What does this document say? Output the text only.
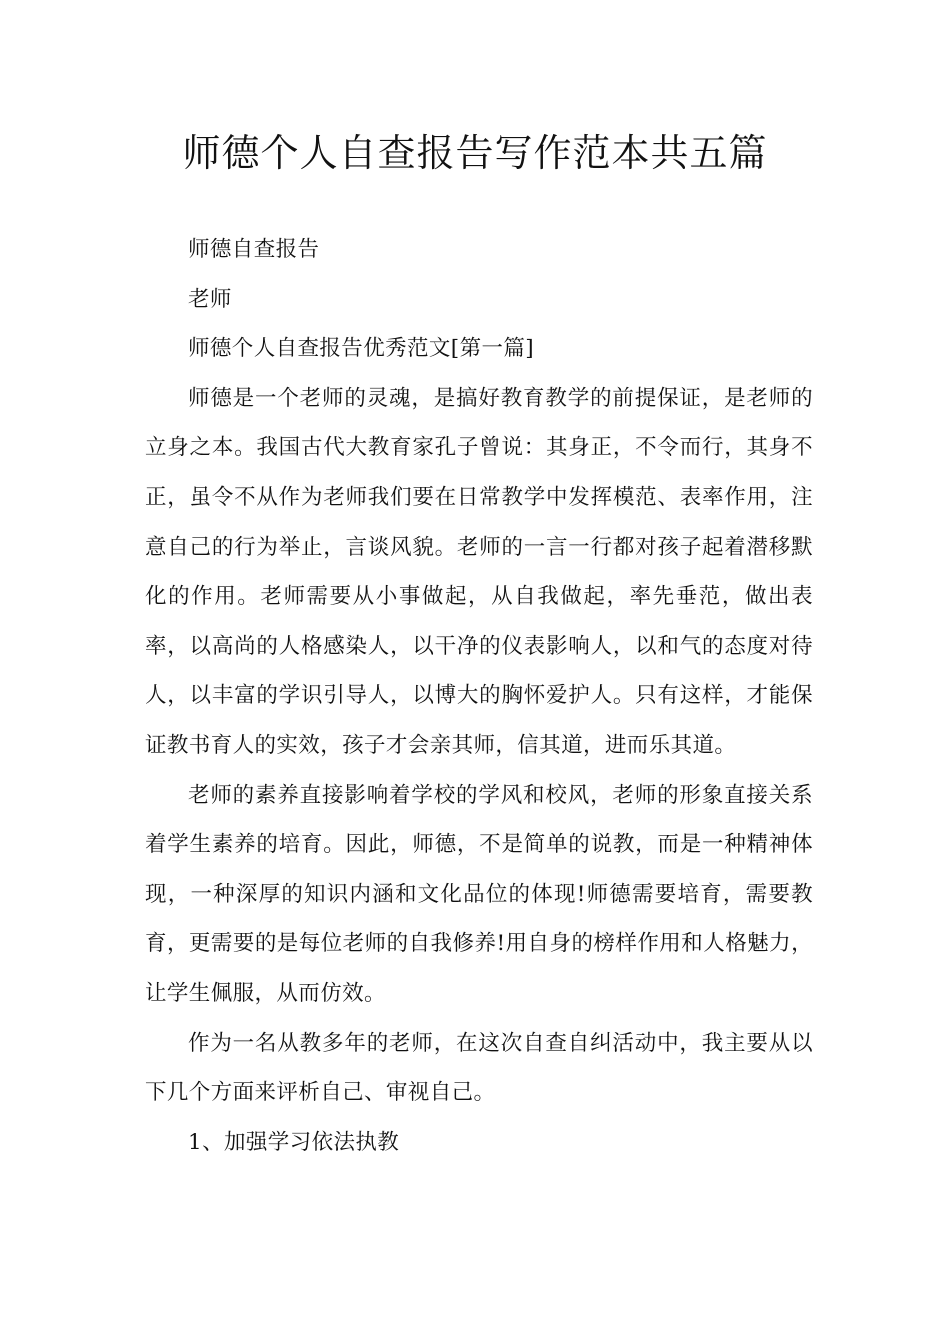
师德个人自查报告写作范本共五篇

师德自查报告

老师

师德个人自查报告优秀范文[第一篇]

师德是一个老师的灵魂，是搞好教育教学的前提保证，是老师的立身之本。我国古代大教育家孔子曾说：其身正，不令而行，其身不正，虽令不从作为老师我们要在日常教学中发挥模范、表率作用，注意自己的行为举止，言谈风貌。老师的一言一行都对孩子起着潜移默化的作用。老师需要从小事做起，从自我做起，率先垂范，做出表率，以高尚的人格感染人，以干净的仪表影响人，以和气的态度对待人，以丰富的学识引导人，以博大的胸怀爱护人。只有这样，才能保证教书育人的实效，孩子才会亲其师，信其道，进而乐其道。

老师的素养直接影响着学校的学风和校风，老师的形象直接关系着学生素养的培育。因此，师德，不是简单的说教，而是一种精神体现，一种深厚的知识内涵和文化品位的体现!师德需要培育，需要教育，更需要的是每位老师的自我修养!用自身的榜样作用和人格魅力，让学生佩服，从而仿效。

作为一名从教多年的老师，在这次自查自纠活动中，我主要从以下几个方面来评析自己、审视自己。

1、加强学习依法执教
